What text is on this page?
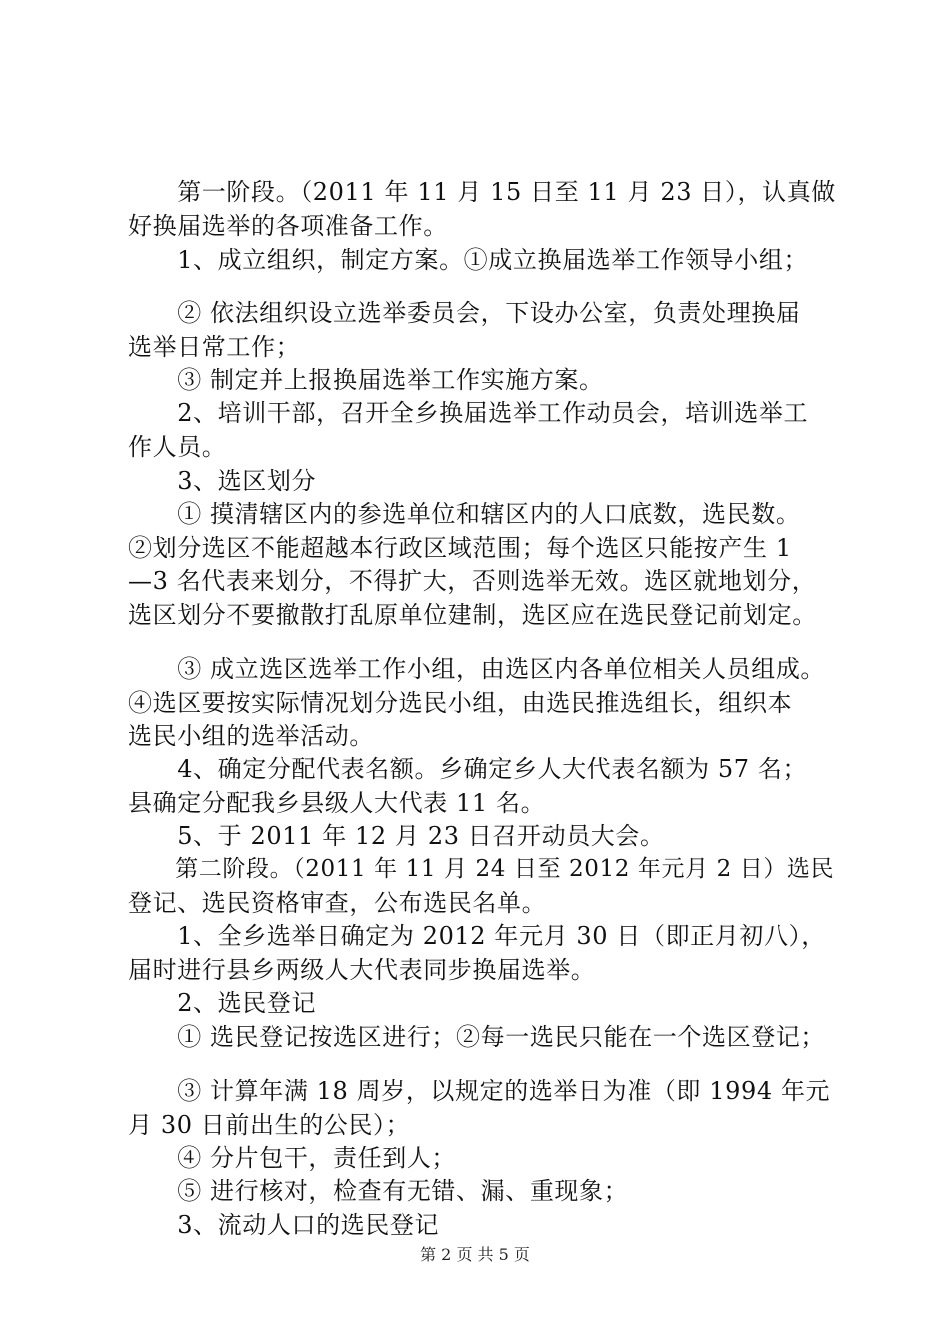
　　第一阶段。（2011 年 11 月 15 日至 11 月 23 日），认真做
好换届选举的各项准备工作。
　　1、成立组织，制定方案。①成立换届选举工作领导小组；
　　② 依法组织设立选举委员会，下设办公室，负责处理换届
选举日常工作；
　　③ 制定并上报换届选举工作实施方案。
　　2、培训干部，召开全乡换届选举工作动员会，培训选举工
作人员。
　　3、选区划分
　　① 摸清辖区内的参选单位和辖区内的人口底数，选民数。
②划分选区不能超越本行政区域范围；每个选区只能按产生 1
—3 名代表来划分，不得扩大，否则选举无效。选区就地划分，
选区划分不要撤散打乱原单位建制，选区应在选民登记前划定。
　　③ 成立选区选举工作小组，由选区内各单位相关人员组成。
④选区要按实际情况划分选民小组，由选民推选组长，组织本
选民小组的选举活动。
　　4、确定分配代表名额。乡确定乡人大代表名额为 57 名；
县确定分配我乡县级人大代表 11 名。
　　5、于 2011 年 12 月 23 日召开动员大会。
　　第二阶段。（2011 年 11 月 24 日至 2012 年元月 2 日）选民
登记、选民资格审查，公布选民名单。
　　1、全乡选举日确定为 2012 年元月 30 日（即正月初八），
届时进行县乡两级人大代表同步换届选举。
　　2、选民登记
　　① 选民登记按选区进行；②每一选民只能在一个选区登记；
　　③ 计算年满 18 周岁，以规定的选举日为准（即 1994 年元
月 30 日前出生的公民）；
　　④ 分片包干，责任到人；
　　⑤ 进行核对，检查有无错、漏、重现象；
　　3、流动人口的选民登记
第 2 页 共 5 页
